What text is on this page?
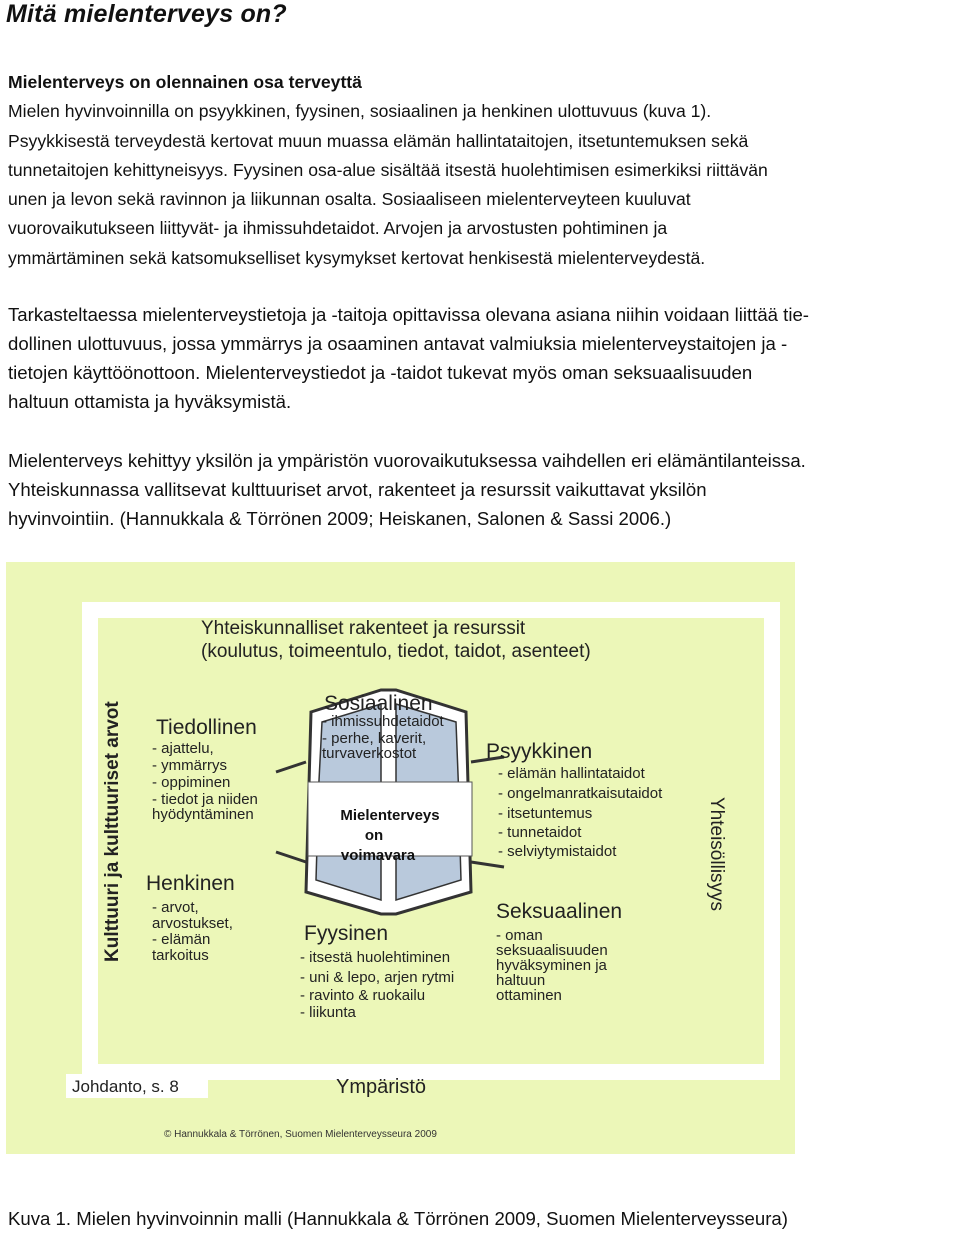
Mitä mielenterveys on?
Mielenterveys on olennainen osa terveyttä
Mielen hyvinvoinnilla on psyykkinen, fyysinen, sosiaalinen ja henkinen ulottuvuus (kuva 1).
Psyykkisestä terveydestä kertovat muun muassa elämän hallintataitojen, itsetuntemuksen sekä
tunnetaitojen kehittyneisyys. Fyysinen osa-alue sisältää itsestä huolehtimisen esimerkiksi riittävän
unen ja levon sekä ravinnon ja liikunnan osalta. Sosiaaliseen mielenterveyteen kuuluvat
vuorovaikutukseen liittyvät- ja ihmissuhdetaidot. Arvojen ja arvostusten pohtiminen ja
ymmärtäminen sekä katsomukselliset kysymykset kertovat henkisestä mielenterveydestä.
Tarkasteltaessa mielenterveystietoja ja -taitoja opittavissa olevana asiana niihin voidaan liittää tie-
dollinen ulottuvuus, jossa ymmärrys ja osaaminen antavat valmiuksia mielenterveystaitojen ja -
tietojen käyttöönottoon. Mielenterveystiedot ja -taidot tukevat myös oman seksuaalisuuden
haltuun ottamista ja hyväksymistä.
Mielenterveys kehittyy yksilön ja ympäristön vuorovaikutuksessa vaihdellen eri elämäntilanteissa.
Yhteiskunnassa vallitsevat kulttuuriset arvot, rakenteet ja resurssit vaikuttavat yksilön
hyvinvointiin. (Hannukkala & Törrönen 2009; Heiskanen, Salonen & Sassi 2006.)
Yhteiskunnalliset rakenteet ja resurssit
(koulutus, toimeentulo, tiedot, taidot, asenteet)
Kulttuuri ja kulttuuriset arvot	Yhteisöllisyys
Mielenterveys
on
voimavara
Tiedollinen
- ajattelu,
- ymmärrys
- oppiminen
- tiedot ja niiden
hyödyntäminen
Sosiaalinen
- ihmissuhdetaidot
- perhe, kaverit,
turvaverkostot	Psyykkinen
- elämän hallintataidot
- ongelmanratkaisutaidot
- itsetuntemus
- tunnetaidot
- selviytymistaidot
Henkinen
- arvot,
arvostukset,
- elämän
tarkoitus
Fyysinen
- itsestä huolehtiminen
- uni & lepo, arjen rytmi
- ravinto & ruokailu
- liikunta
Seksuaalinen
- oman
seksuaalisuuden
hyväksyminen ja
haltuun
ottaminen
Johdanto, s. 8	Ympäristö
© Hannukkala & Törrönen, Suomen Mielenterveysseura 2009

Kuva 1. Mielen hyvinvoinnin malli (Hannukkala & Törrönen 2009, Suomen Mielenterveysseura)
